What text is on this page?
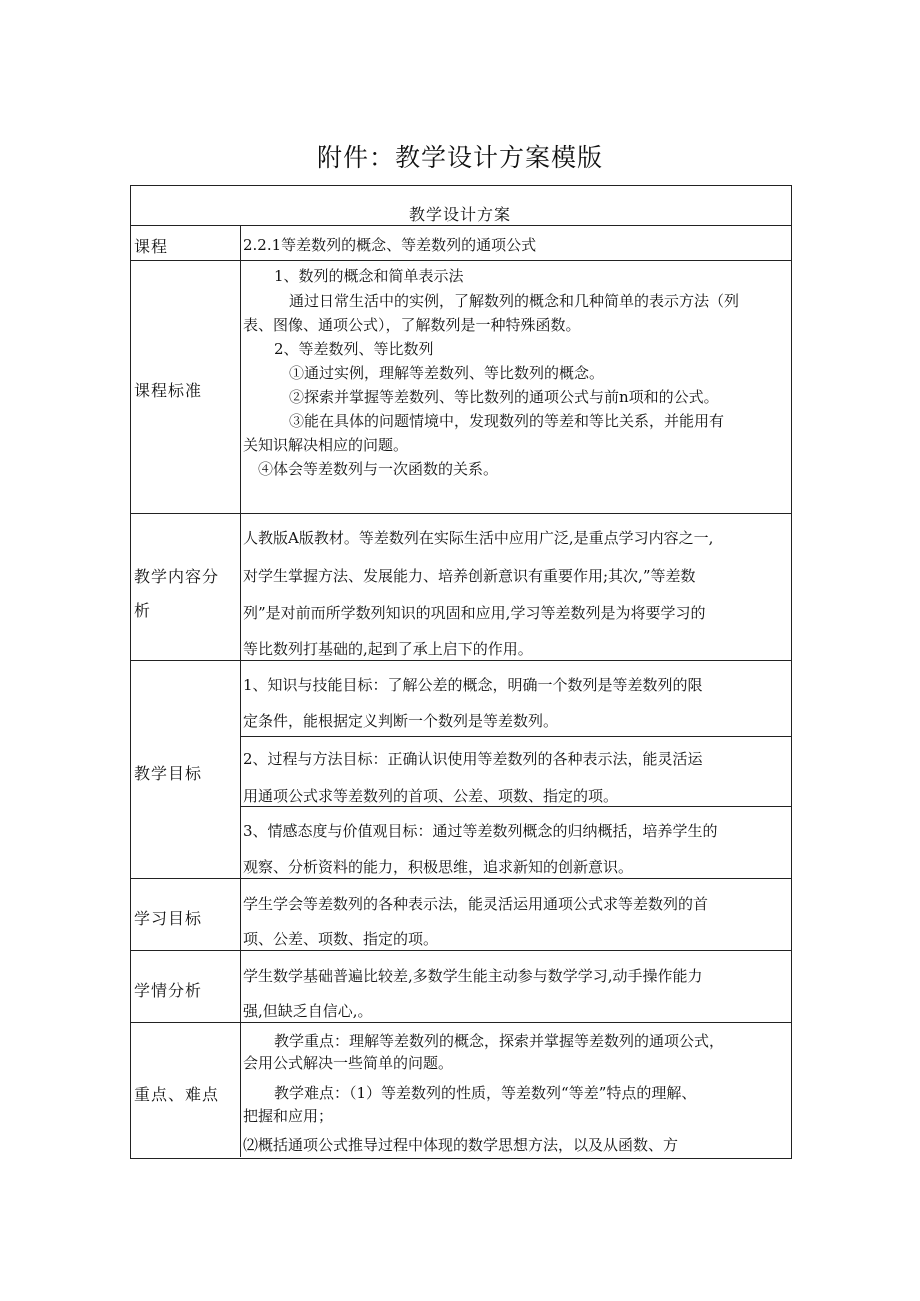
附件：教学设计方案模版
教学设计方案
课程	2.2.1等差数列的概念、等差数列的通项公式
课程标准
1、数列的概念和简单表示法
通过日常生活中的实例，了解数列的概念和几种简单的表示方法（列
表、图像、通项公式），了解数列是一种特殊函数。
2、等差数列、等比数列
①通过实例，理解等差数列、等比数列的概念。
②探索并掌握等差数列、等比数列的通项公式与前n项和的公式。
③能在具体的问题情境中，发现数列的等差和等比关系，并能用有
关知识解决相应的问题。
④体会等差数列与一次函数的关系。
教学内容分析
人教版A版教材。等差数列在实际生活中应用广泛,是重点学习内容之一,
对学生掌握方法、发展能力、培养创新意识有重要作用;其次,”等差数
列”是对前而所学数列知识的巩固和应用,学习等差数列是为将要学习的
等比数列打基础的,起到了承上启下的作用。
教学目标
1、知识与技能目标：了解公差的概念，明确一个数列是等差数列的限
定条件，能根据定义判断一个数列是等差数列。
2、过程与方法目标：正确认识使用等差数列的各种表示法，能灵活运
用通项公式求等差数列的首项、公差、项数、指定的项。
3、情感态度与价值观目标：通过等差数列概念的归纳概括，培养学生的
观察、分析资料的能力，积极思维，追求新知的创新意识。
学习目标
学生学会等差数列的各种表示法，能灵活运用通项公式求等差数列的首
项、公差、项数、指定的项。
学情分析
学生数学基础普遍比较差,多数学生能主动参与数学学习,动手操作能力
强,但缺乏自信心,。
重点、难点
教学重点：理解等差数列的概念，探索并掌握等差数列的通项公式，
会用公式解决一些简单的问题。
教学难点：（1）等差数列的性质，等差数列“等差”特点的理解、
把握和应用；
⑵概括通项公式推导过程中体现的数学思想方法，以及从函数、方
